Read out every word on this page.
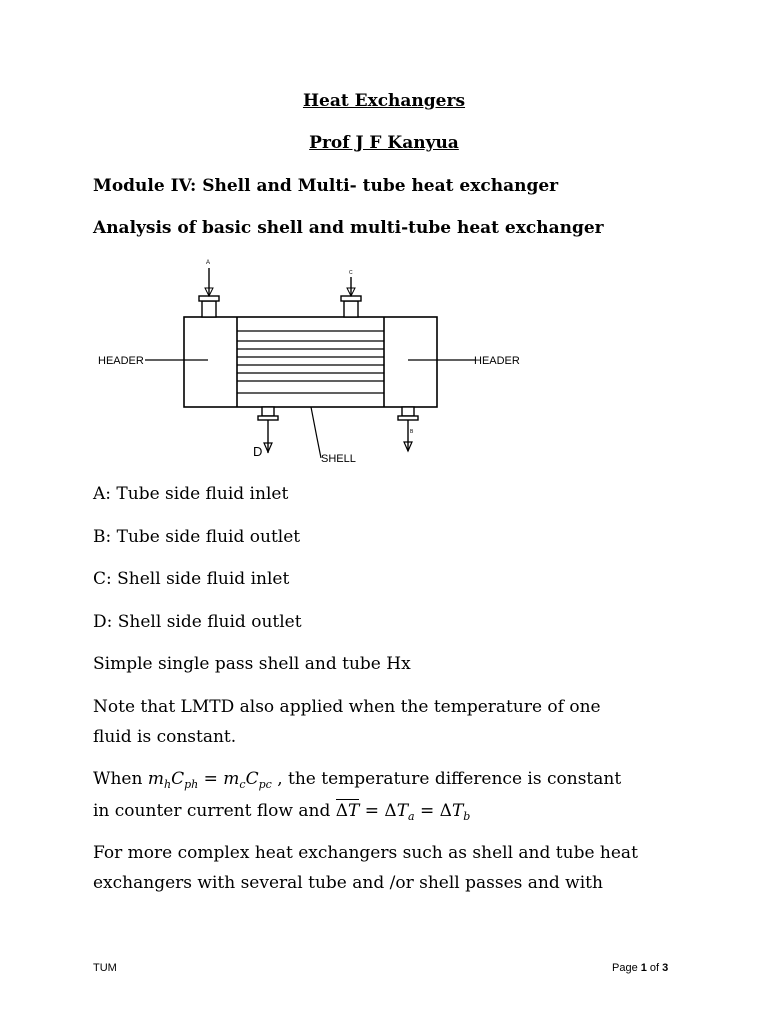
Heat Exchangers
Prof J F Kanyua
Module IV: Shell and Multi- tube heat exchanger
Analysis of basic shell and multi-tube heat exchanger
A
C
D
B
HEADER	HEADER
SHELL
A: Tube side fluid inlet
B: Tube side fluid outlet
C: Shell side fluid inlet
D: Shell side fluid outlet
Simple single pass shell and tube Hx
Note that LMTD also applied when the temperature of one
fluid is constant.
When $m_hC_{ph} = m_cC_{pc}$ , the temperature difference is constant
in counter current flow and $\Delta T = \Delta T_a = \Delta T_b$
For more complex heat exchangers such as shell and tube heat
exchangers with several tube and /or shell passes and with
TUM	Page 1 of 3
